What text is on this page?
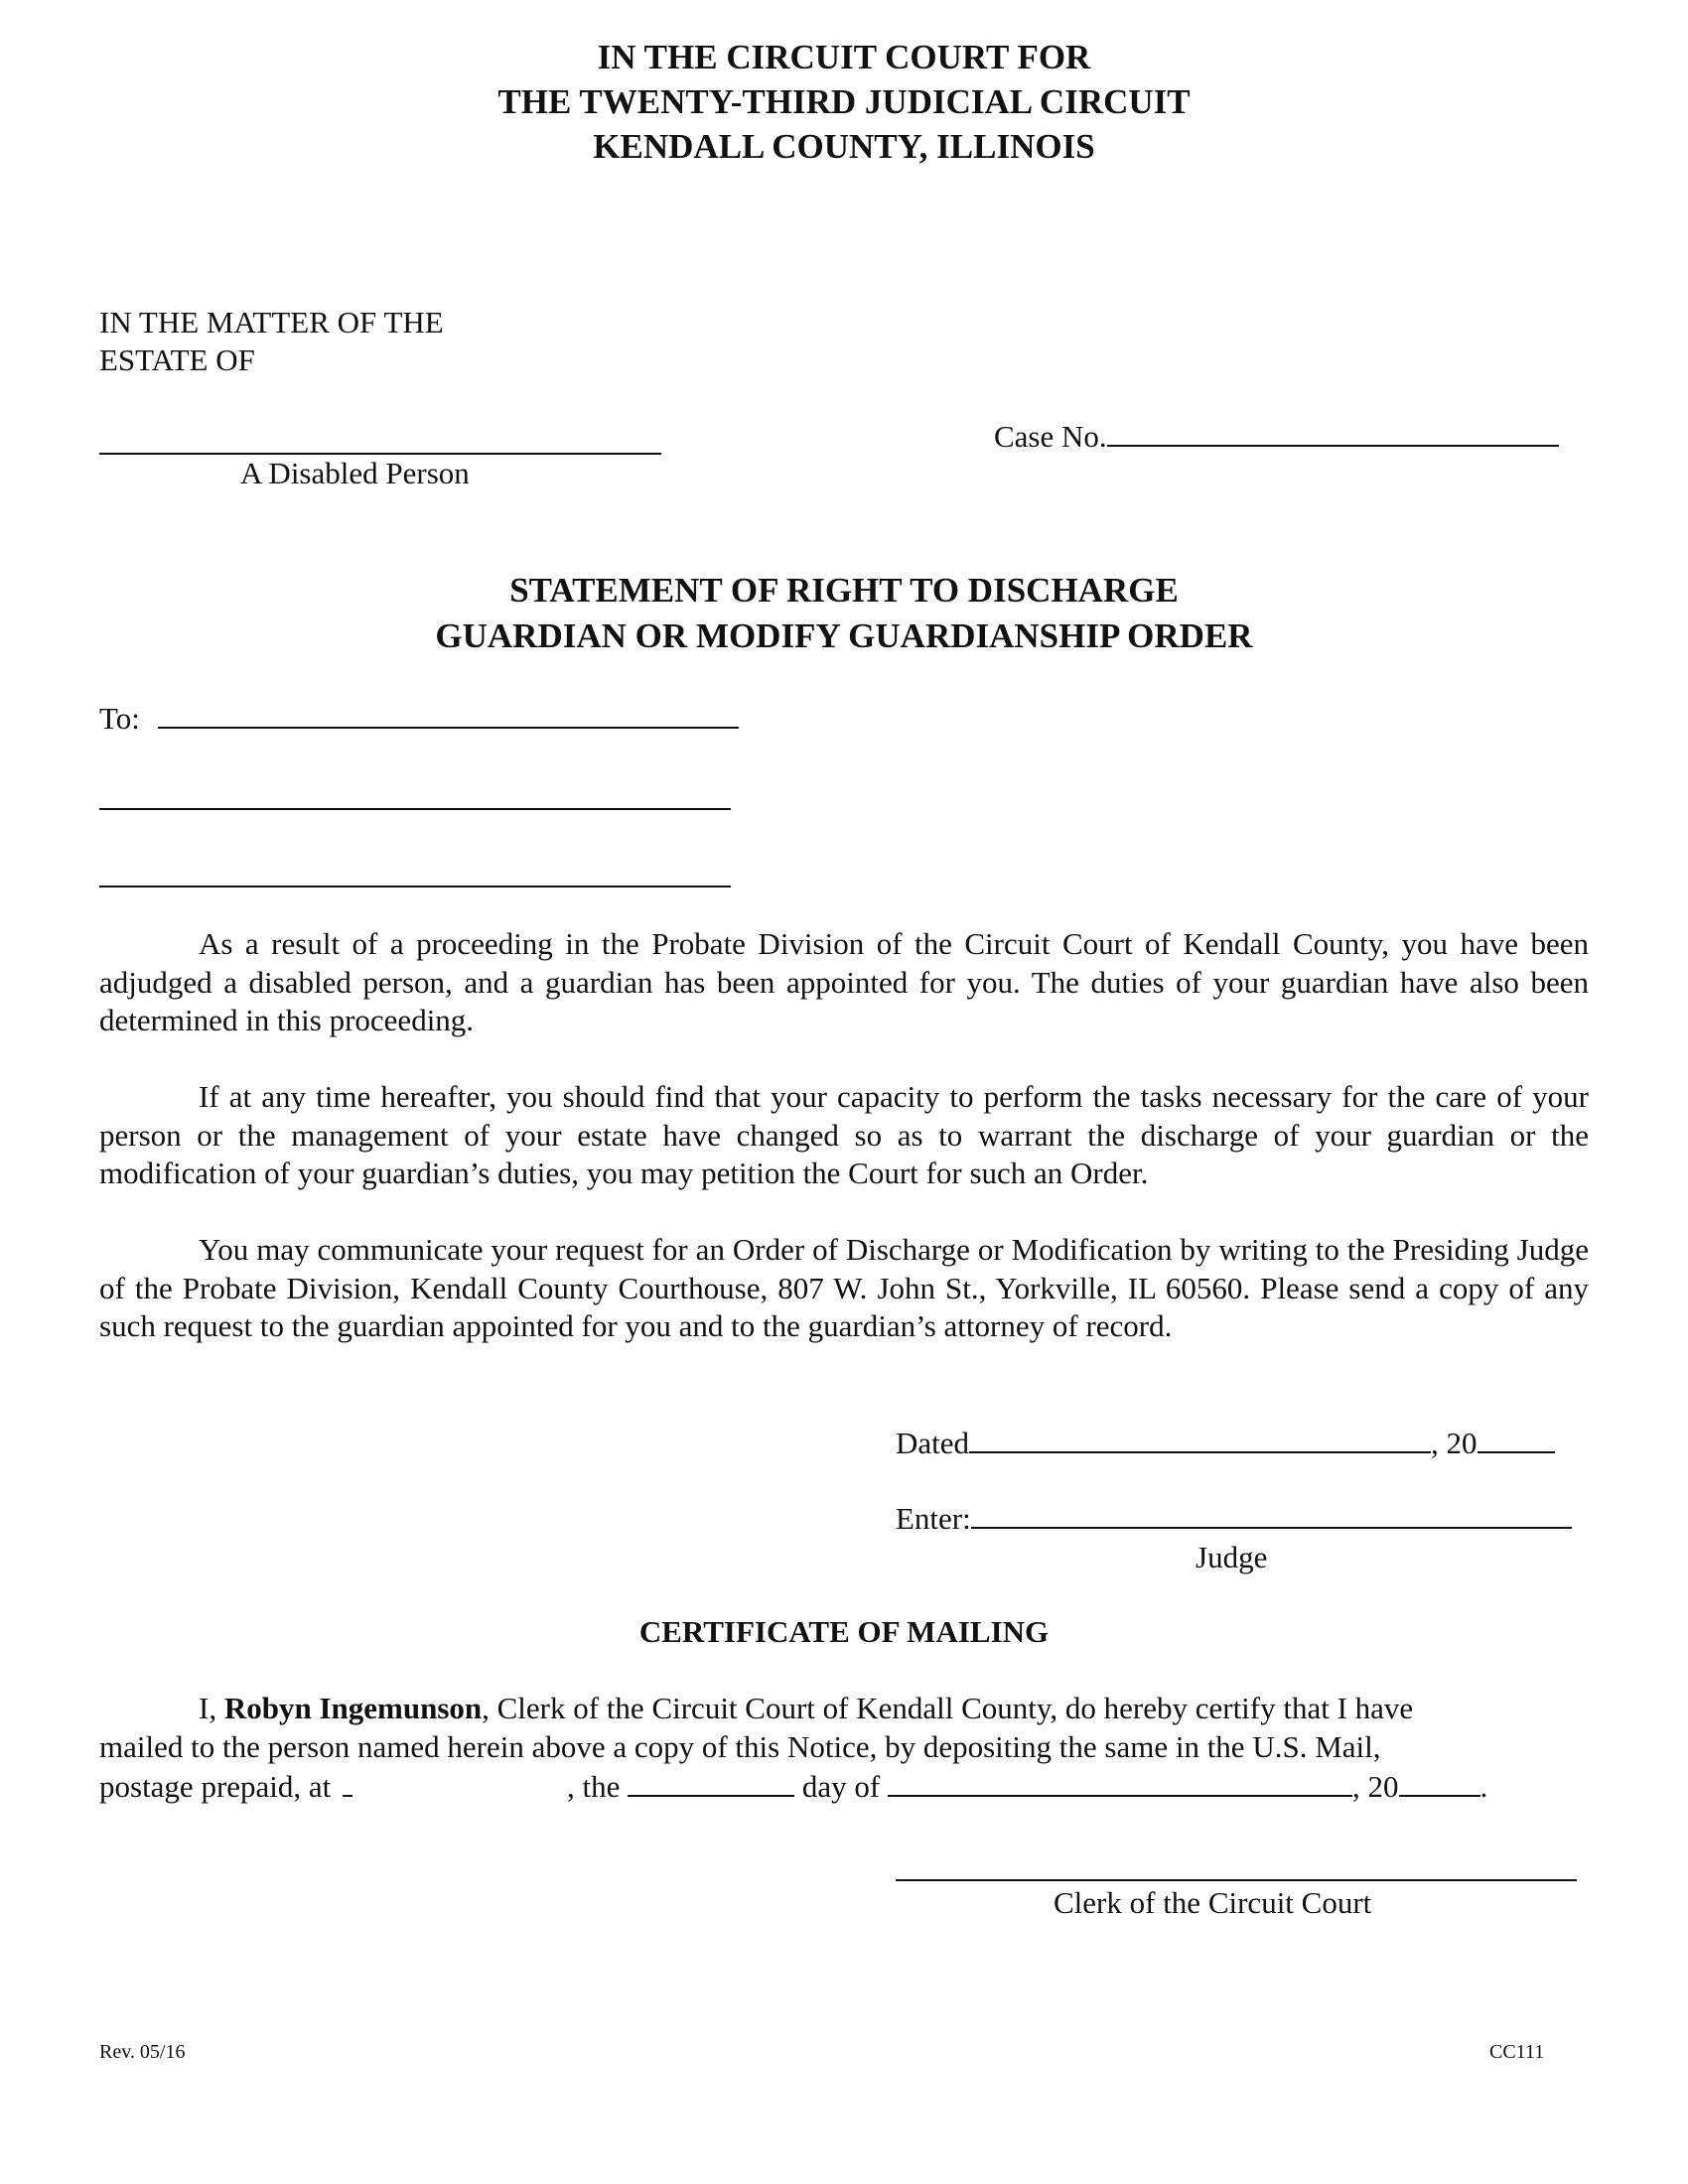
IN THE CIRCUIT COURT FOR
THE TWENTY-THIRD JUDICIAL CIRCUIT
KENDALL COUNTY, ILLINOIS
IN THE MATTER OF THE
ESTATE OF
A Disabled Person
Case No.
STATEMENT OF RIGHT TO DISCHARGE
GUARDIAN OR MODIFY GUARDIANSHIP ORDER
To:

As a result of a proceeding in the Probate Division of the Circuit Court of Kendall County, you have been adjudged a disabled person, and a guardian has been appointed for you. The duties of your guardian have also been determined in this proceeding.

If at any time hereafter, you should find that your capacity to perform the tasks necessary for the care of your person or the management of your estate have changed so as to warrant the discharge of your guardian or the modification of your guardian’s duties, you may petition the Court for such an Order.

You may communicate your request for an Order of Discharge or Modification by writing to the Presiding Judge of the Probate Division, Kendall County Courthouse, 807 W. John St., Yorkville, IL 60560. Please send a copy of any such request to the guardian appointed for you and to the guardian’s attorney of record.

Dated	, 20
Enter:
Judge
CERTIFICATE OF MAILING
I, Robyn Ingemunson, Clerk of the Circuit Court of Kendall County, do hereby certify that I have
mailed to the person named herein above a copy of this Notice, by depositing the same in the U.S. Mail,
postage prepaid, at	, the	day of	, 20	.
Clerk of the Circuit Court
Rev. 05/16	CC111
